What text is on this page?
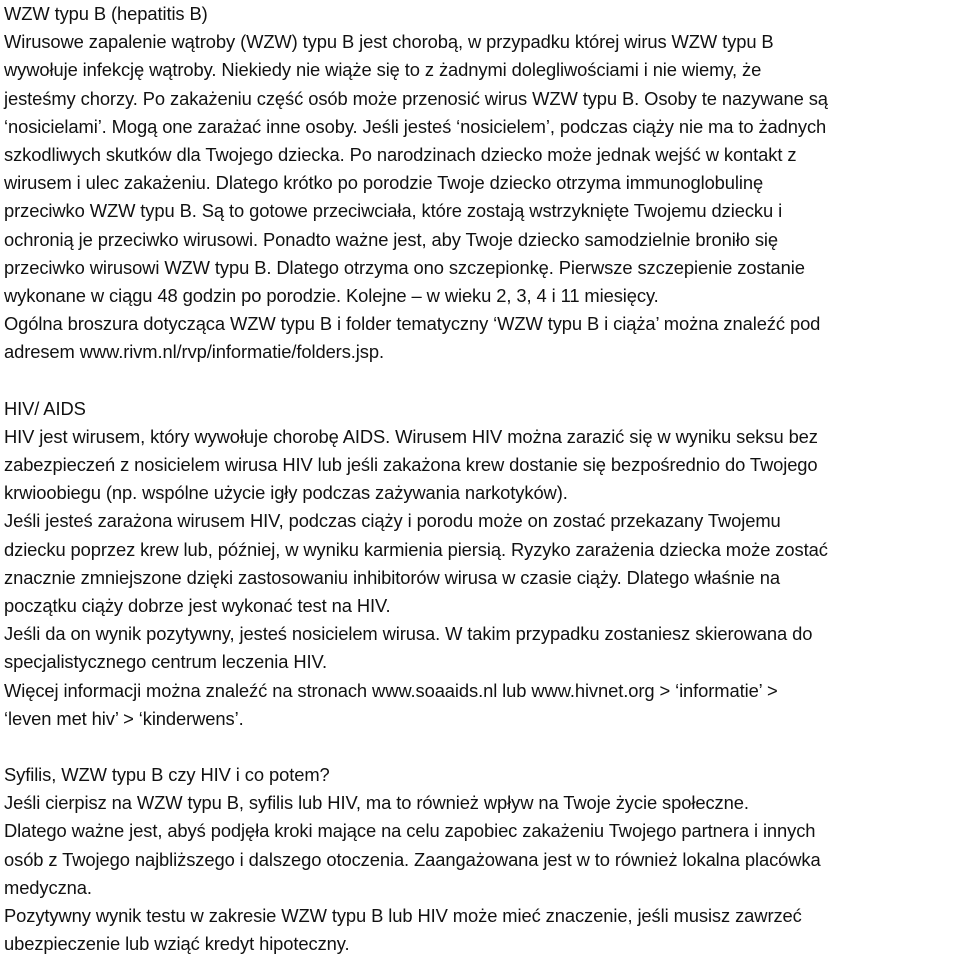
WZW typu B (hepatitis B)
Wirusowe zapalenie wątroby (WZW) typu B jest chorobą, w przypadku której wirus WZW typu B
wywołuje infekcję wątroby. Niekiedy nie wiąże się to z żadnymi dolegliwościami i nie wiemy, że
jesteśmy chorzy. Po zakażeniu część osób może przenosić wirus WZW typu B. Osoby te nazywane są
‘nosicielami’. Mogą one zarażać inne osoby. Jeśli jesteś ‘nosicielem’, podczas ciąży nie ma to żadnych
szkodliwych skutków dla Twojego dziecka. Po narodzinach dziecko może jednak wejść w kontakt z
wirusem i ulec zakażeniu. Dlatego krótko po porodzie Twoje dziecko otrzyma immunoglobulinę
przeciwko WZW typu B. Są to gotowe przeciwciała, które zostają wstrzyknięte Twojemu dziecku i
ochronią je przeciwko wirusowi. Ponadto ważne jest, aby Twoje dziecko samodzielnie broniło się
przeciwko wirusowi WZW typu B. Dlatego otrzyma ono szczepionkę. Pierwsze szczepienie zostanie
wykonane w ciągu 48 godzin po porodzie. Kolejne – w wieku 2, 3, 4 i 11 miesięcy.
Ogólna broszura dotycząca WZW typu B i folder tematyczny ‘WZW typu B i ciąża’ można znaleźć pod
adresem www.rivm.nl/rvp/informatie/folders.jsp.
HIV/ AIDS
HIV jest wirusem, który wywołuje chorobę AIDS. Wirusem HIV można zarazić się w wyniku seksu bez
zabezpieczeń z nosicielem wirusa HIV lub jeśli zakażona krew dostanie się bezpośrednio do Twojego
krwioobiegu (np. wspólne użycie igły podczas zażywania narkotyków).
Jeśli jesteś zarażona wirusem HIV, podczas ciąży i porodu może on zostać przekazany Twojemu
dziecku poprzez krew lub, później, w wyniku karmienia piersią. Ryzyko zarażenia dziecka może zostać
znacznie zmniejszone dzięki zastosowaniu inhibitorów wirusa w czasie ciąży. Dlatego właśnie na
początku ciąży dobrze jest wykonać test na HIV.
Jeśli da on wynik pozytywny, jesteś nosicielem wirusa. W takim przypadku zostaniesz skierowana do
specjalistycznego centrum leczenia HIV.
Więcej informacji można znaleźć na stronach www.soaaids.nl lub www.hivnet.org > ‘informatie’ >
‘leven met hiv’ > ‘kinderwens’.
Syfilis, WZW typu B czy HIV i co potem?
Jeśli cierpisz na WZW typu B, syfilis lub HIV, ma to również wpływ na Twoje życie społeczne.
Dlatego ważne jest, abyś podjęła kroki mające na celu zapobiec zakażeniu Twojego partnera i innych
osób z Twojego najbliższego i dalszego otoczenia. Zaangażowana jest w to również lokalna placówka
medyczna.
Pozytywny wynik testu w zakresie WZW typu B lub HIV może mieć znaczenie, jeśli musisz zawrzeć
ubezpieczenie lub wziąć kredyt hipoteczny.
